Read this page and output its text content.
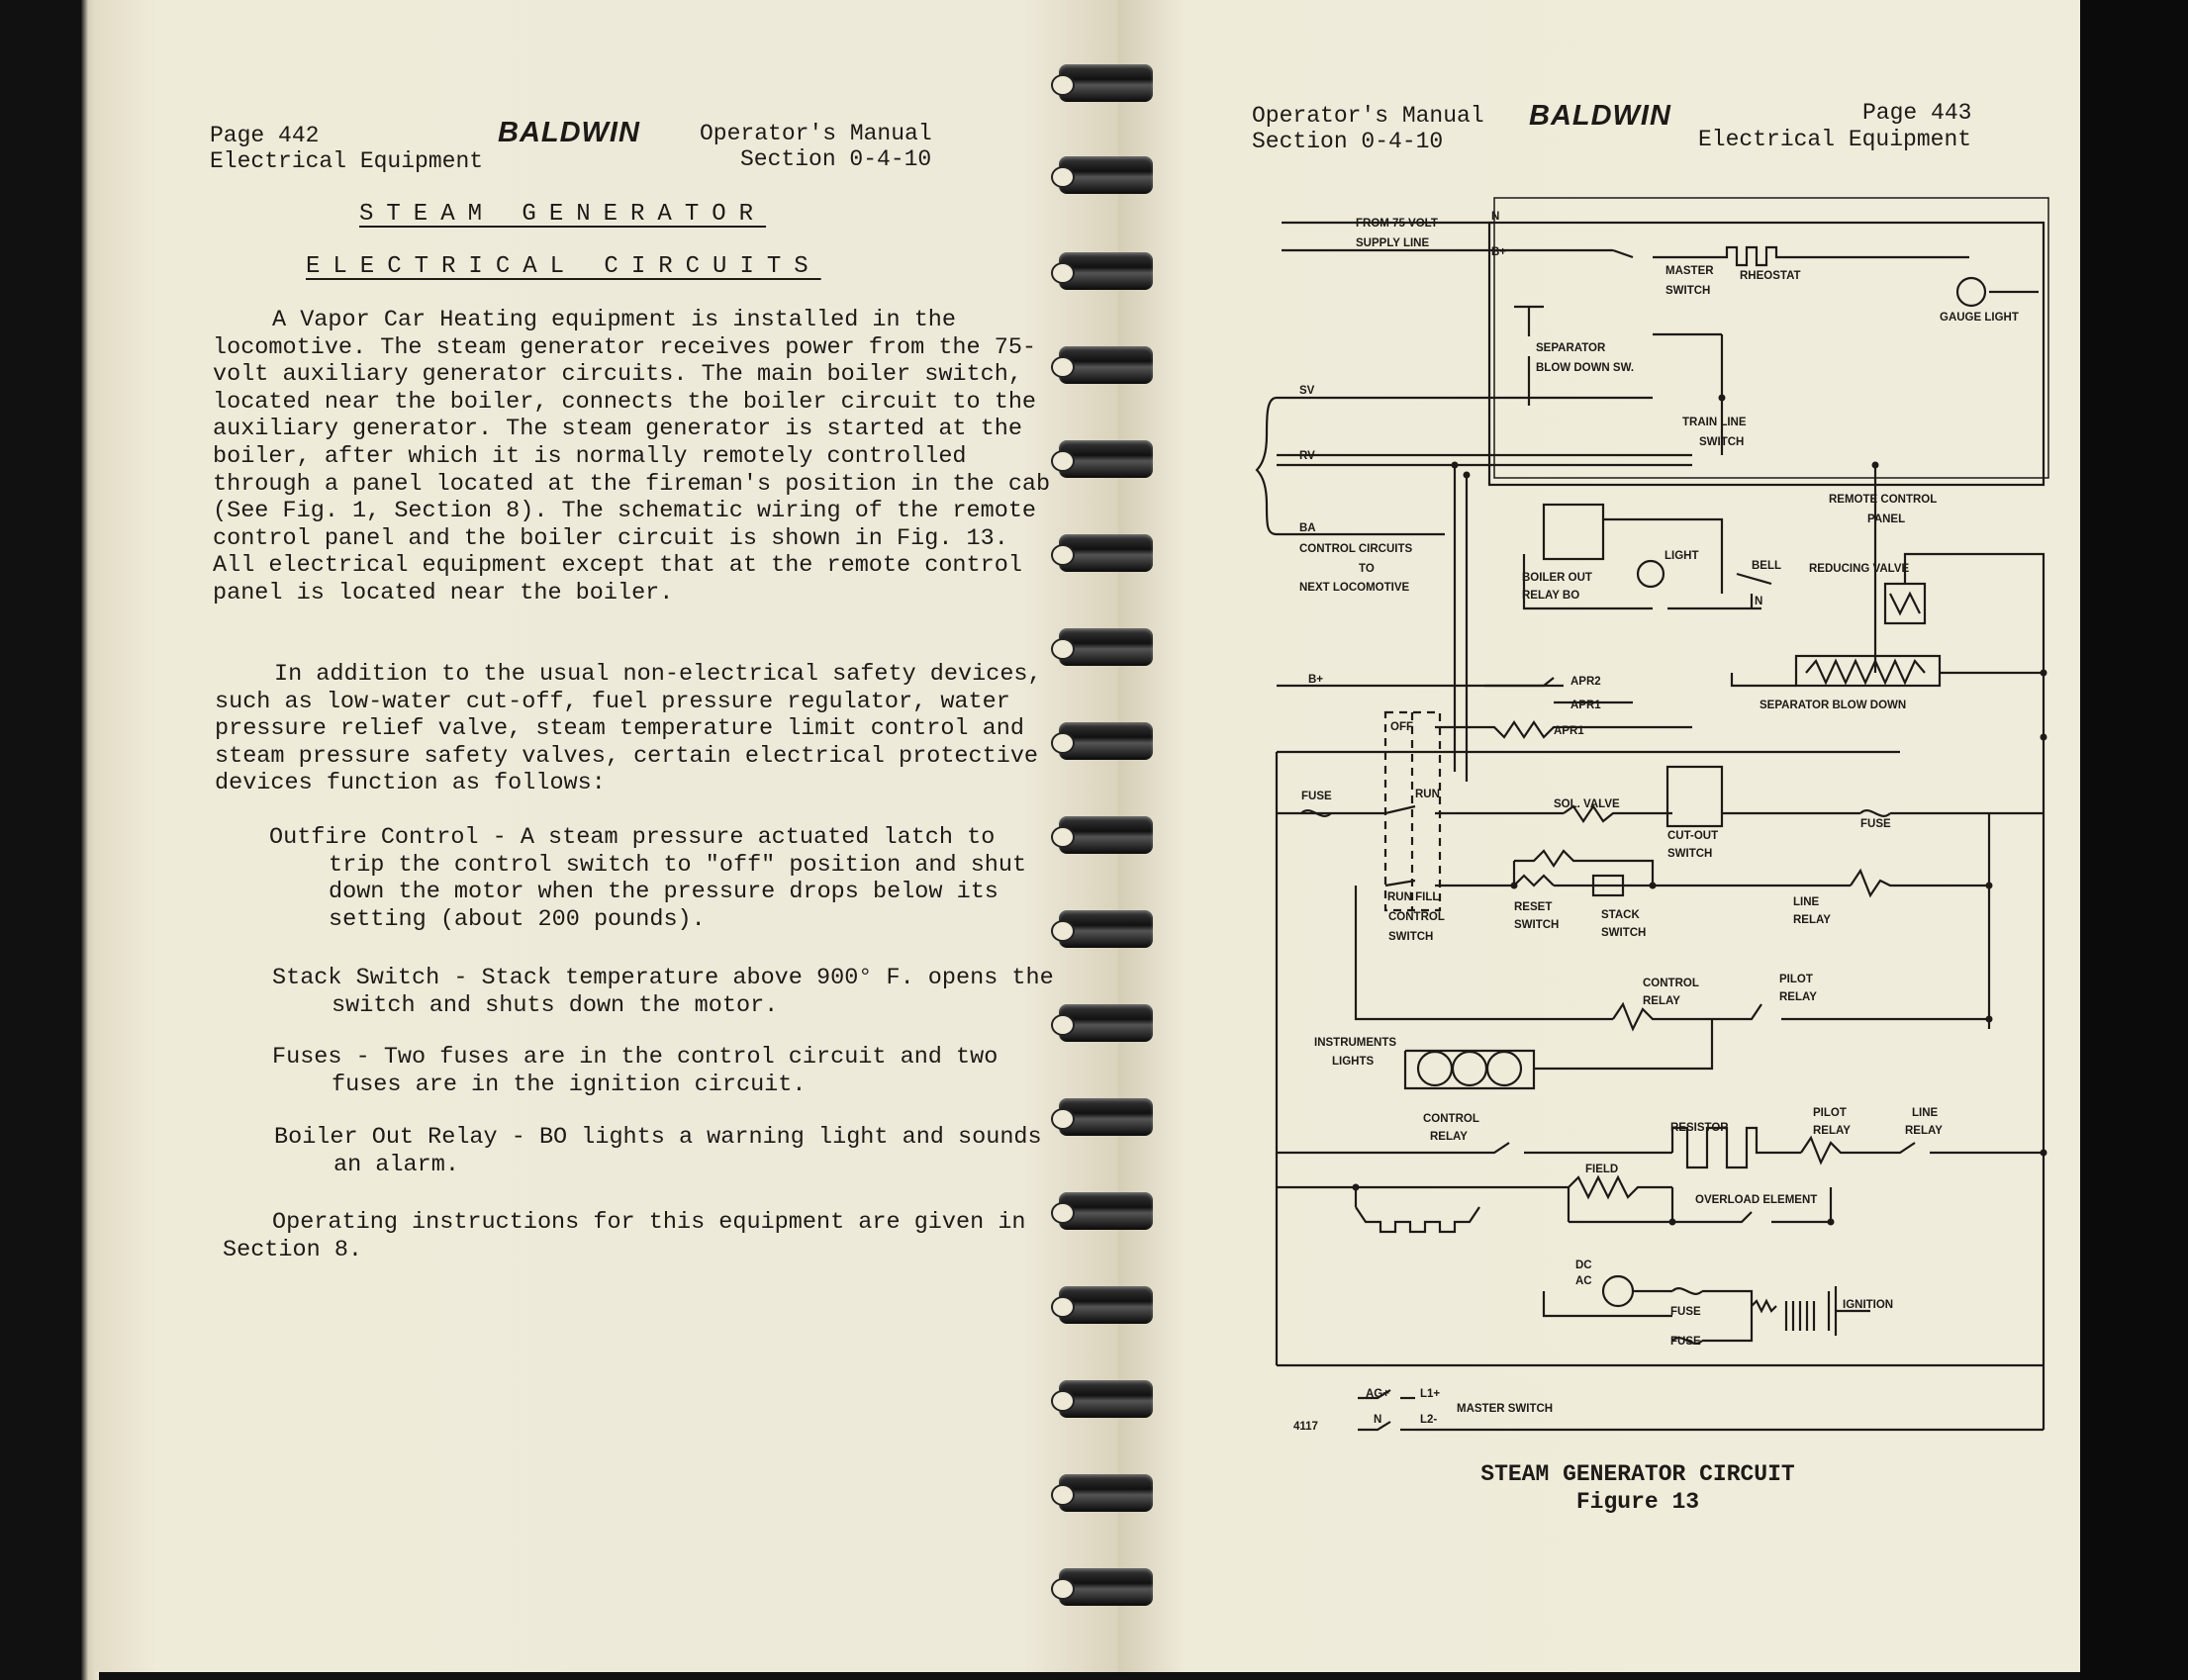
Page 442
Electrical Equipment
BALDWIN	Operator's Manual
Section 0-4-10
STEAM GENERATOR
ELECTRICAL CIRCUITS
A Vapor Car Heating equipment is installed in the locomotive. The steam generator receives power from the 75-volt auxiliary generator circuits. The main boiler switch, located near the boiler, connects the boiler circuit to the auxiliary generator. The steam generator is started at the boiler, after which it is normally remotely controlled through a panel located at the fireman's position in the cab (See Fig. 1, Section 8). The schematic wiring of the remote control panel and the boiler circuit is shown in Fig. 13. All electrical equipment except that at the remote control panel is located near the boiler.
In addition to the usual non-electrical safety devices, such as low-water cut-off, fuel pressure regulator, water pressure relief valve, steam temperature limit control and steam pressure safety valves, certain electrical protective devices function as follows:
Outfire Control - A steam pressure actuated latch to trip the control switch to "off" position and shut down the motor when the pressure drops below its setting (about 200 pounds).
Stack Switch - Stack temperature above 900° F. opens the switch and shuts down the motor.
Fuses - Two fuses are in the control circuit and two fuses are in the ignition circuit.
Boiler Out Relay - BO lights a warning light and sounds an alarm.
Operating instructions for this equipment are given in Section 8.
Operator's Manual
Section 0-4-10
BALDWIN	Page 443
Electrical Equipment
FROM 75 VOLT
SUPPLY LINE
N
B+
MASTER
SWITCH
RHEOSTAT
GAUGE LIGHT
SEPARATOR
BLOW DOWN SW.
TRAIN LINE
SWITCH
SV
RV
BA
REMOTE CONTROL
PANEL
CONTROL CIRCUITS
TO
NEXT LOCOMOTIVE
BOILER OUT
RELAY BO
LIGHT
BELL REDUCING VALVE
N
B+	APR2
APR1
APR1
SEPARATOR BLOW DOWN
OFF
RUN
FUSE
SOL. VALVE
CUT-OUT
SWITCH
FUSE
RUN FILL
CONTROL
SWITCH
RESET
SWITCH
STACK
SWITCH
LINE
RELAY
CONTROL
RELAY
PILOT
RELAY
INSTRUMENTS
LIGHTS
CONTROL
RELAY
RESISTOR
PILOT
RELAY
LINE
RELAY
FIELD
OVERLOAD ELEMENT
DC
AC
FUSE
FUSE
IGNITION
AG+	L1+
N	L2-
MASTER SWITCH
4117
STEAM GENERATOR CIRCUIT
Figure 13
